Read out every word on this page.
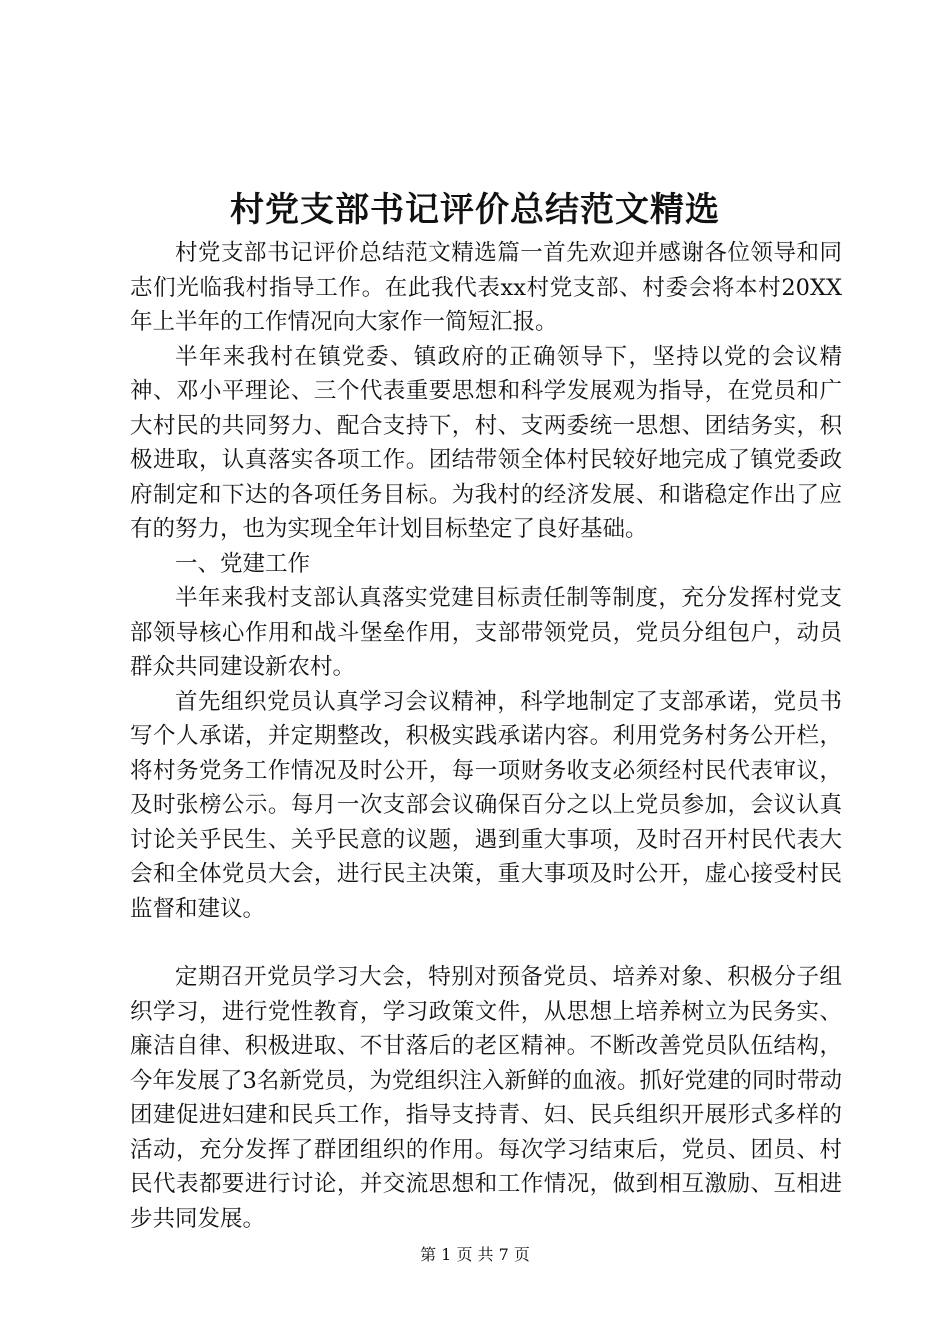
村党支部书记评价总结范文精选

村党支部书记评价总结范文精选篇一首先欢迎并感谢各位领导和同志们光临我村指导工作。在此我代表xx村党支部、村委会将本村20XX年上半年的工作情况向大家作一简短汇报。

半年来我村在镇党委、镇政府的正确领导下，坚持以党的会议精神、邓小平理论、三个代表重要思想和科学发展观为指导，在党员和广大村民的共同努力、配合支持下，村、支两委统一思想、团结务实，积极进取，认真落实各项工作。团结带领全体村民较好地完成了镇党委政府制定和下达的各项任务目标。为我村的经济发展、和谐稳定作出了应有的努力，也为实现全年计划目标垫定了良好基础。

一、党建工作

半年来我村支部认真落实党建目标责任制等制度，充分发挥村党支部领导核心作用和战斗堡垒作用，支部带领党员，党员分组包户，动员群众共同建设新农村。

首先组织党员认真学习会议精神，科学地制定了支部承诺，党员书写个人承诺，并定期整改，积极实践承诺内容。利用党务村务公开栏，将村务党务工作情况及时公开，每一项财务收支必须经村民代表审议，及时张榜公示。每月一次支部会议确保百分之以上党员参加，会议认真讨论关乎民生、关乎民意的议题，遇到重大事项，及时召开村民代表大会和全体党员大会，进行民主决策，重大事项及时公开，虚心接受村民监督和建议。

定期召开党员学习大会，特别对预备党员、培养对象、积极分子组织学习，进行党性教育，学习政策文件，从思想上培养树立为民务实、廉洁自律、积极进取、不甘落后的老区精神。不断改善党员队伍结构，今年发展了3名新党员，为党组织注入新鲜的血液。抓好党建的同时带动团建促进妇建和民兵工作，指导支持青、妇、民兵组织开展形式多样的活动，充分发挥了群团组织的作用。每次学习结束后，党员、团员、村民代表都要进行讨论，并交流思想和工作情况，做到相互激励、互相进步共同发展。

第 1 页 共 7 页
